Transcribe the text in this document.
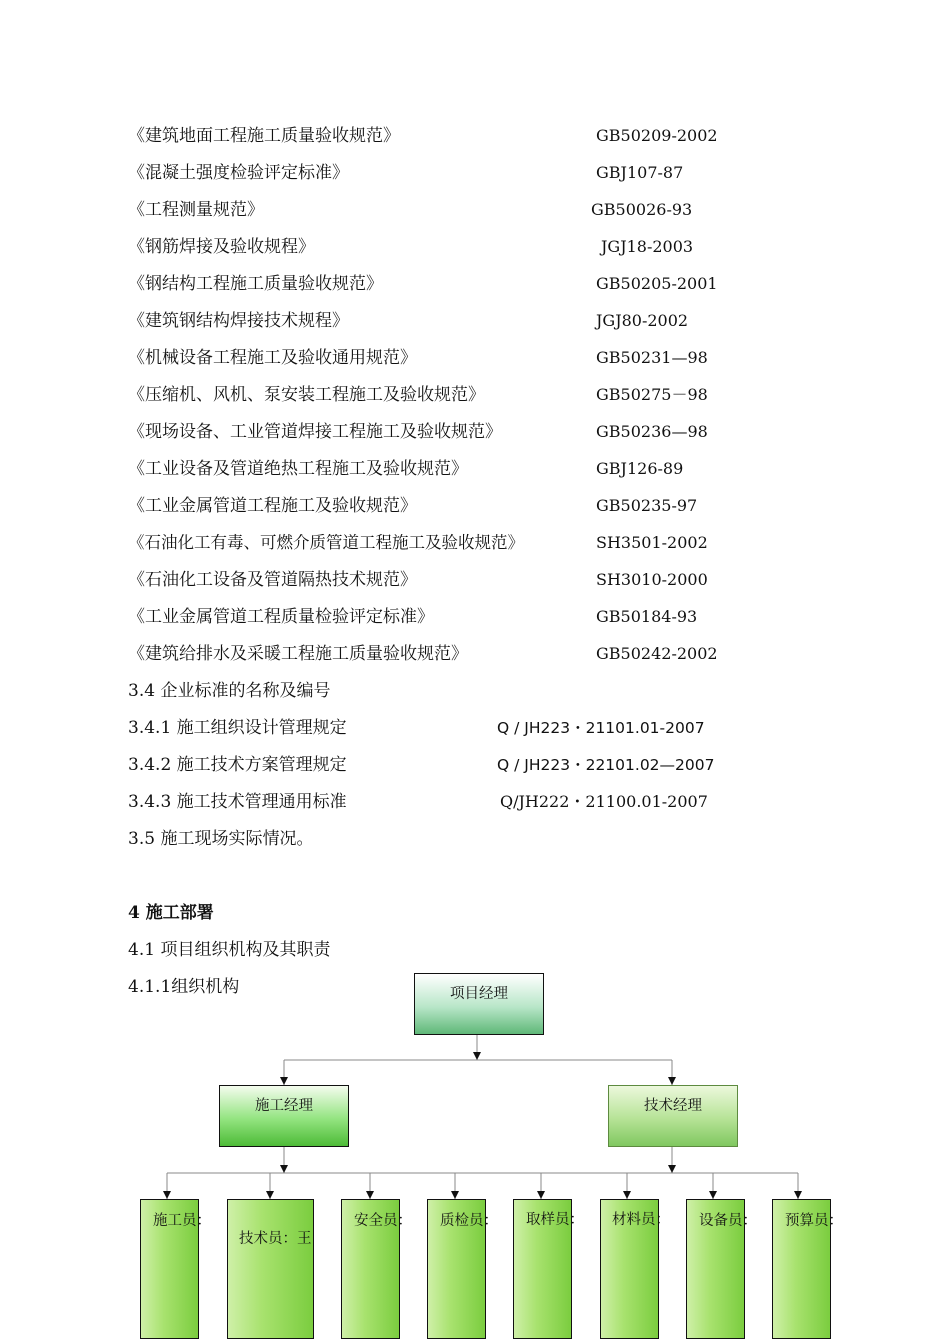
《建筑地面工程施工质量验收规范》	GB50209-2002
《混凝土强度检验评定标准》	GBJ107-87
《工程测量规范》	GB50026-93
《钢筋焊接及验收规程》	JGJ18-2003
《钢结构工程施工质量验收规范》	GB50205-2001
《建筑钢结构焊接技术规程》	JGJ80-2002
《机械设备工程施工及验收通用规范》	GB50231—98
《压缩机、风机、泵安装工程施工及验收规范》	GB50275－98
《现场设备、工业管道焊接工程施工及验收规范》	GB50236—98
《工业设备及管道绝热工程施工及验收规范》	GBJ126-89
《工业金属管道工程施工及验收规范》	GB50235-97
《石油化工有毒、可燃介质管道工程施工及验收规范》	SH3501-2002
《石油化工设备及管道隔热技术规范》	SH3010-2000
《工业金属管道工程质量检验评定标准》	GB50184-93
《建筑给排水及采暖工程施工质量验收规范》	GB50242-2002
3.4 企业标准的名称及编号
3.4.1 施工组织设计管理规定	Q / JH223・21101.01-2007
3.4.2 施工技术方案管理规定	Q / JH223・22101.02—2007
3.4.3 施工技术管理通用标准	Q/JH222・21100.01-2007
3.5 施工现场实际情况。
4 施工部署
4.1 项目组织机构及其职责
4.1.1组织机构	项目经理
施工经理	技术经理
施工员：
技术员：王
安全员： 质检员： 取样员： 材料员： 设备员： 预算员：
